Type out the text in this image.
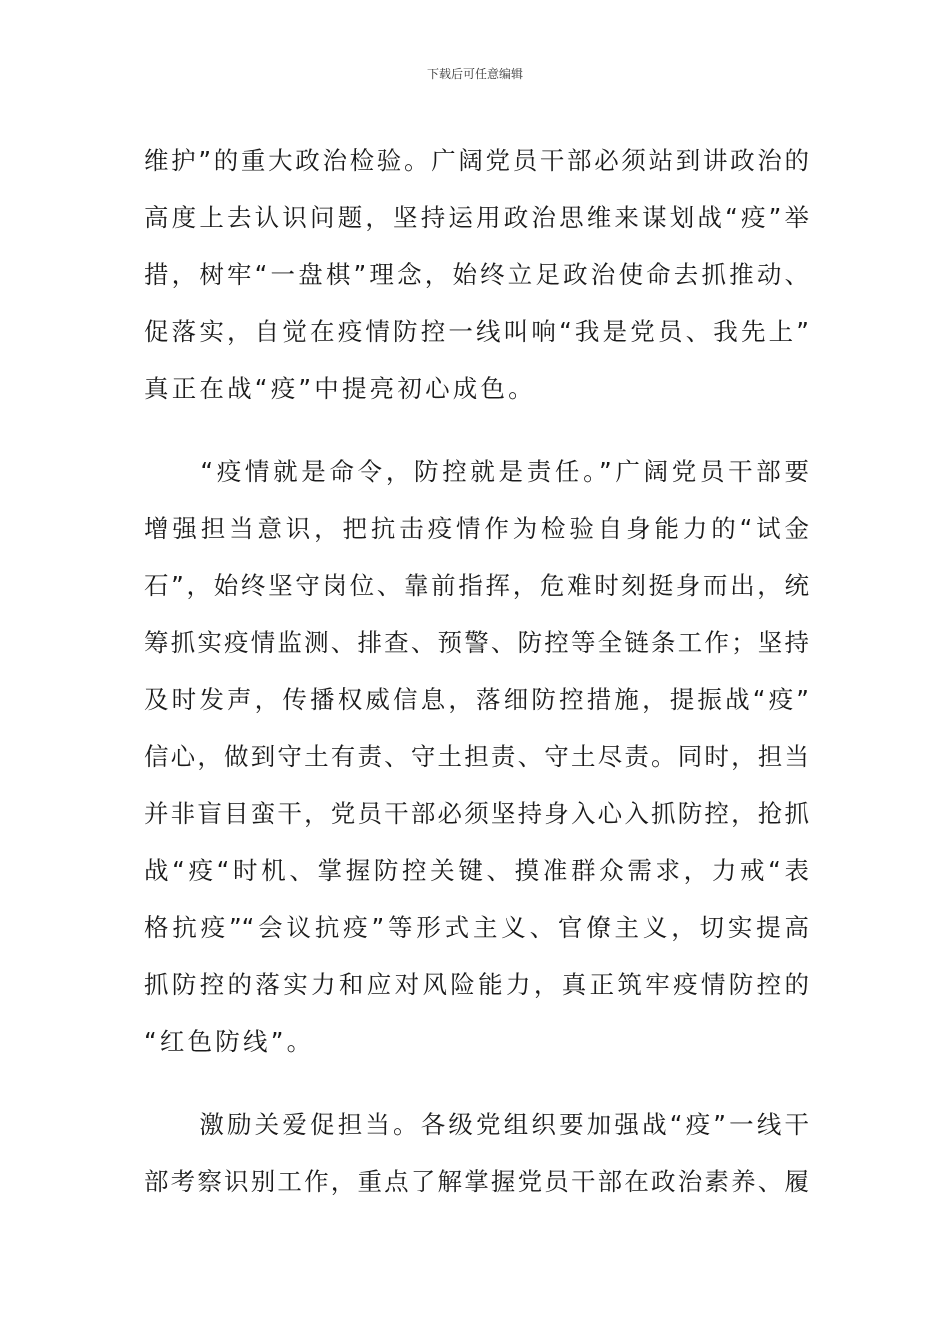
下载后可任意编辑
维护”的重大政治检验。广阔党员干部必须站到讲政治的
高度上去认识问题，坚持运用政治思维来谋划战“疫”举
措，树牢“一盘棋”理念，始终立足政治使命去抓推动、
促落实，自觉在疫情防控一线叫响“我是党员、我先上”
真正在战“疫”中提亮初心成色。
　　“疫情就是命令，防控就是责任。”广阔党员干部要
增强担当意识，把抗击疫情作为检验自身能力的“试金
石”，始终坚守岗位、靠前指挥，危难时刻挺身而出，统
筹抓实疫情监测、排查、预警、防控等全链条工作；坚持
及时发声，传播权威信息，落细防控措施，提振战“疫”
信心，做到守土有责、守土担责、守土尽责。同时，担当
并非盲目蛮干，党员干部必须坚持身入心入抓防控，抢抓
战“疫“时机、掌握防控关键、摸准群众需求，力戒“表
格抗疫”“会议抗疫”等形式主义、官僚主义，切实提高
抓防控的落实力和应对风险能力，真正筑牢疫情防控的
“红色防线”。
　　激励关爱促担当。各级党组织要加强战“疫”一线干
部考察识别工作，重点了解掌握党员干部在政治素养、履
